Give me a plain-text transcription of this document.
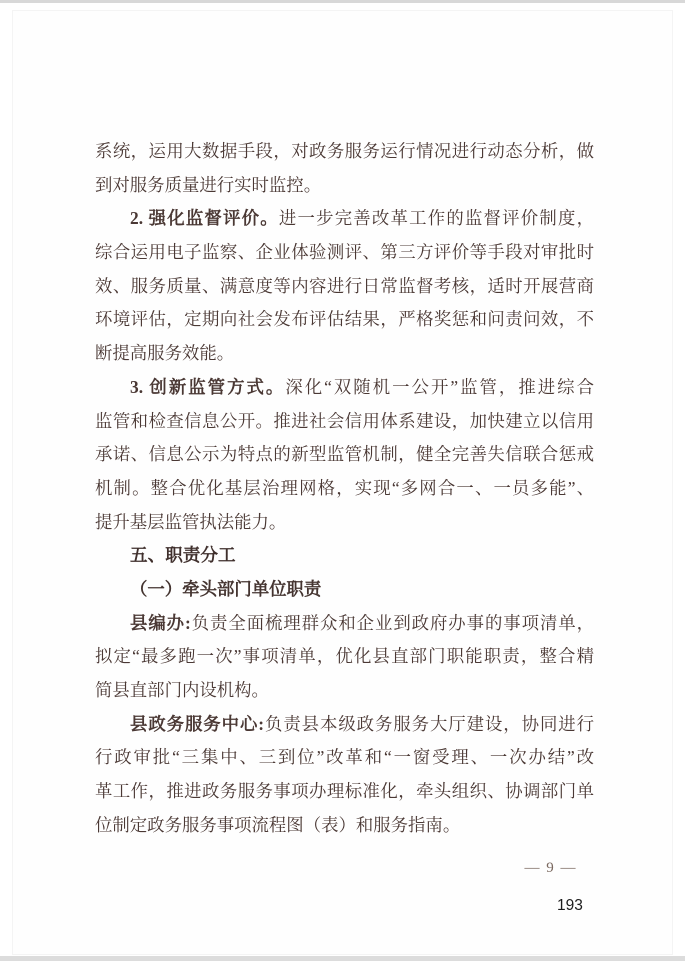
系统，运用大数据手段，对政务服务运行情况进行动态分析，做
到对服务质量进行实时监控。
2. 强化监督评价。进一步完善改革工作的监督评价制度，
综合运用电子监察、企业体验测评、第三方评价等手段对审批时
效、服务质量、满意度等内容进行日常监督考核，适时开展营商
环境评估，定期向社会发布评估结果，严格奖惩和问责问效，不
断提高服务效能。
3. 创新监管方式。深化“双随机一公开”监管，推进综合
监管和检查信息公开。推进社会信用体系建设，加快建立以信用
承诺、信息公示为特点的新型监管机制，健全完善失信联合惩戒
机制。整合优化基层治理网格，实现“多网合一、一员多能”、
提升基层监管执法能力。
五、职责分工
（一）牵头部门单位职责
县编办:负责全面梳理群众和企业到政府办事的事项清单，
拟定“最多跑一次”事项清单，优化县直部门职能职责，整合精
简县直部门内设机构。
县政务服务中心:负责县本级政务服务大厅建设，协同进行
行政审批“三集中、三到位”改革和“一窗受理、一次办结”改
革工作，推进政务服务事项办理标准化，牵头组织、协调部门单
位制定政务服务事项流程图（表）和服务指南。
— 9 —
193
